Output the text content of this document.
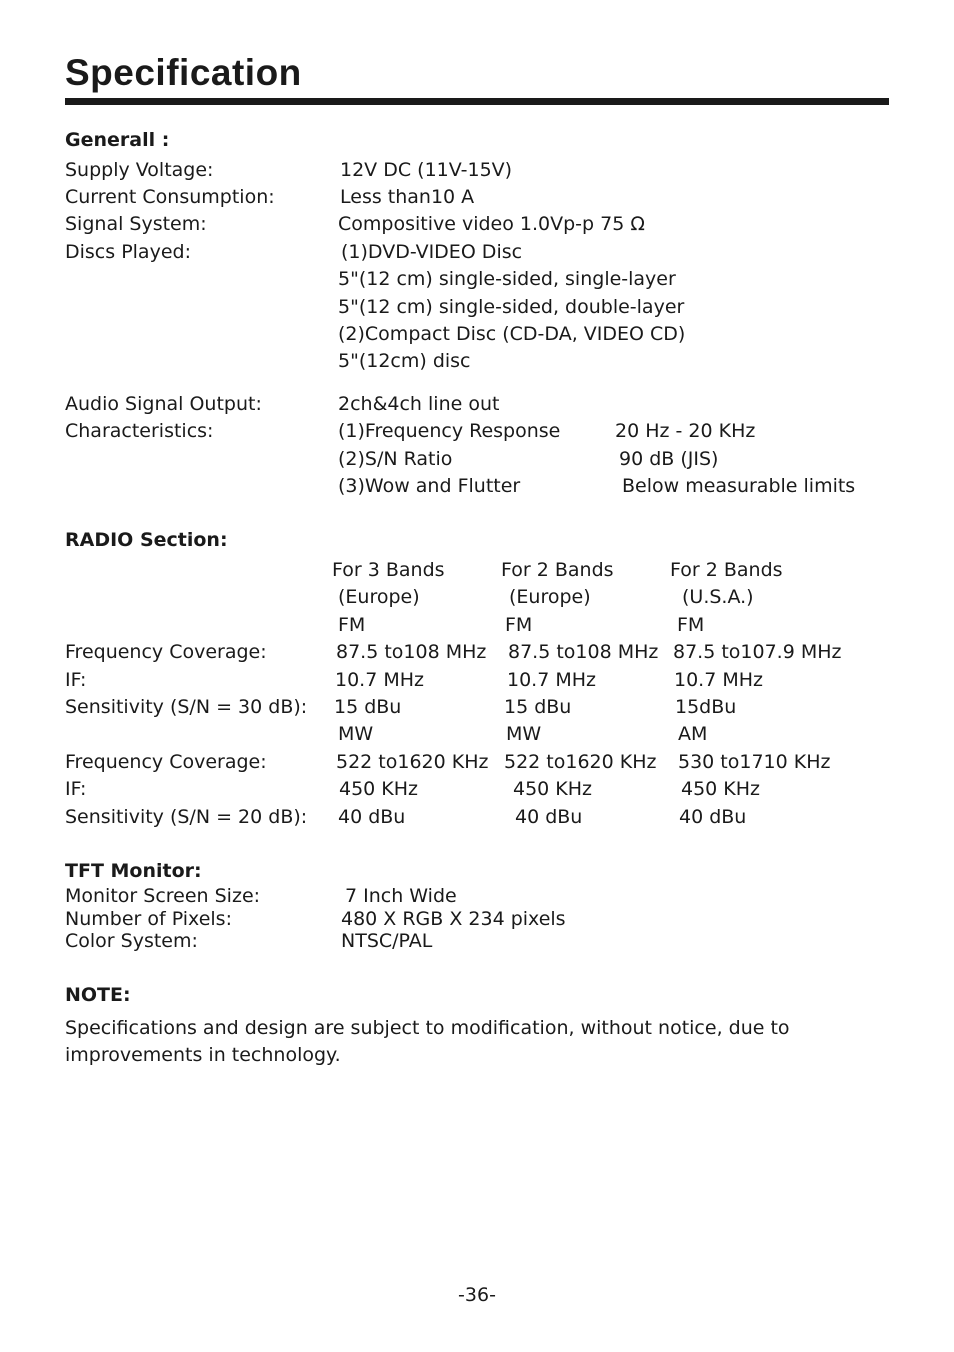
Specification
Generall :
Supply Voltage:	12V DC (11V-15V)
Current Consumption:	Less than10 A
Signal System:	Compositive video 1.0Vp-p 75 Ω
Discs Played:	(1)DVD-VIDEO Disc
5"(12 cm) single-sided, single-layer
5"(12 cm) single-sided, double-layer
(2)Compact Disc (CD-DA, VIDEO CD)
5"(12cm) disc
Audio Signal Output:	2ch&4ch line out
Characteristics:	(1)Frequency Response	20 Hz - 20 KHz
(2)S/N Ratio	90 dB (JIS)
(3)Wow and Flutter	Below measurable limits
RADIO Section:
For 3 Bands	For 2 Bands	For 2 Bands
(Europe)	(Europe)	(U.S.A.)
FM	FM	FM
Frequency Coverage:	87.5 to108 MHz 87.5 to108 MHz 87.5 to107.9 MHz
IF:	10.7 MHz	10.7 MHz	10.7 MHz
Sensitivity (S/N = 30 dB): 15 dBu	15 dBu	15dBu
MW	MW	AM
Frequency Coverage:	522 to1620 KHz 522 to1620 KHz 530 to1710 KHz
IF:	450 KHz	450 KHz	450 KHz
Sensitivity (S/N = 20 dB): 40 dBu	40 dBu	40 dBu
TFT Monitor:
Monitor Screen Size:	7 Inch Wide
Number of Pixels:	480 X RGB X 234 pixels
Color System:	NTSC/PAL
NOTE:
Specifications and design are subject to modification, without notice, due to improvements in technology.
-36-
